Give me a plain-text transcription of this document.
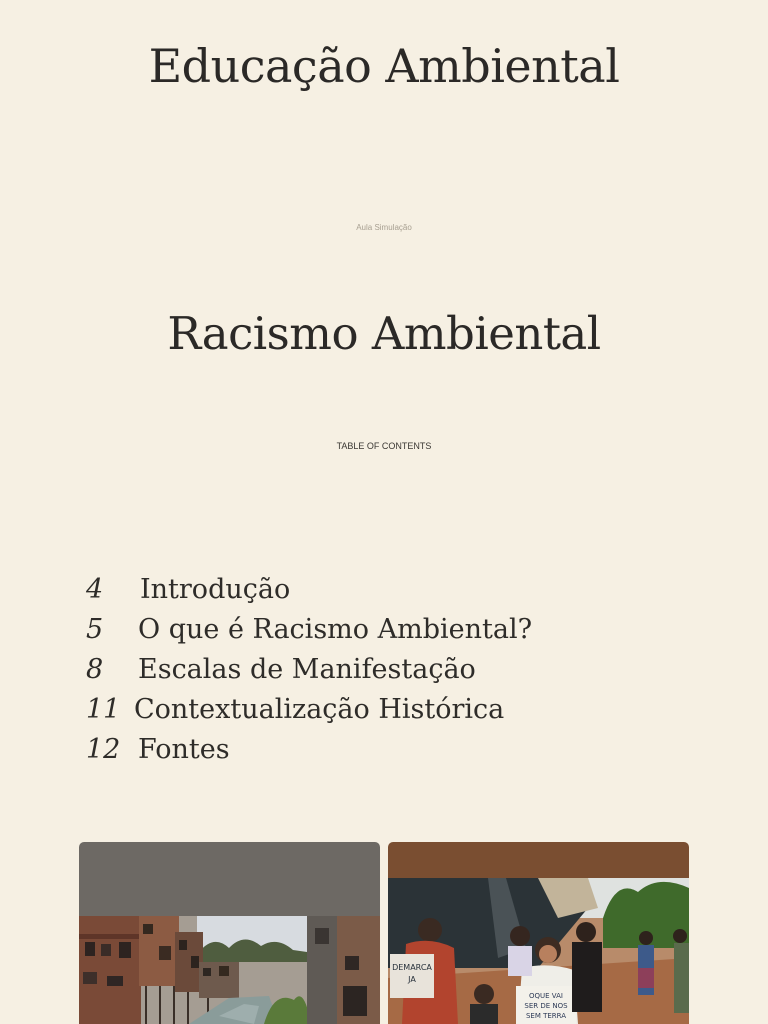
Educação Ambiental
Aula Simulação
Racismo Ambiental
TABLE OF CONTENTS
4	Introdução
5	O que é Racismo Ambiental?
8	Escalas de Manifestação
11 Contextualização Histórica
12 Fontes
DEMARCA
JA
OQUE VAI
SER DE NOS
SEM TERRA
